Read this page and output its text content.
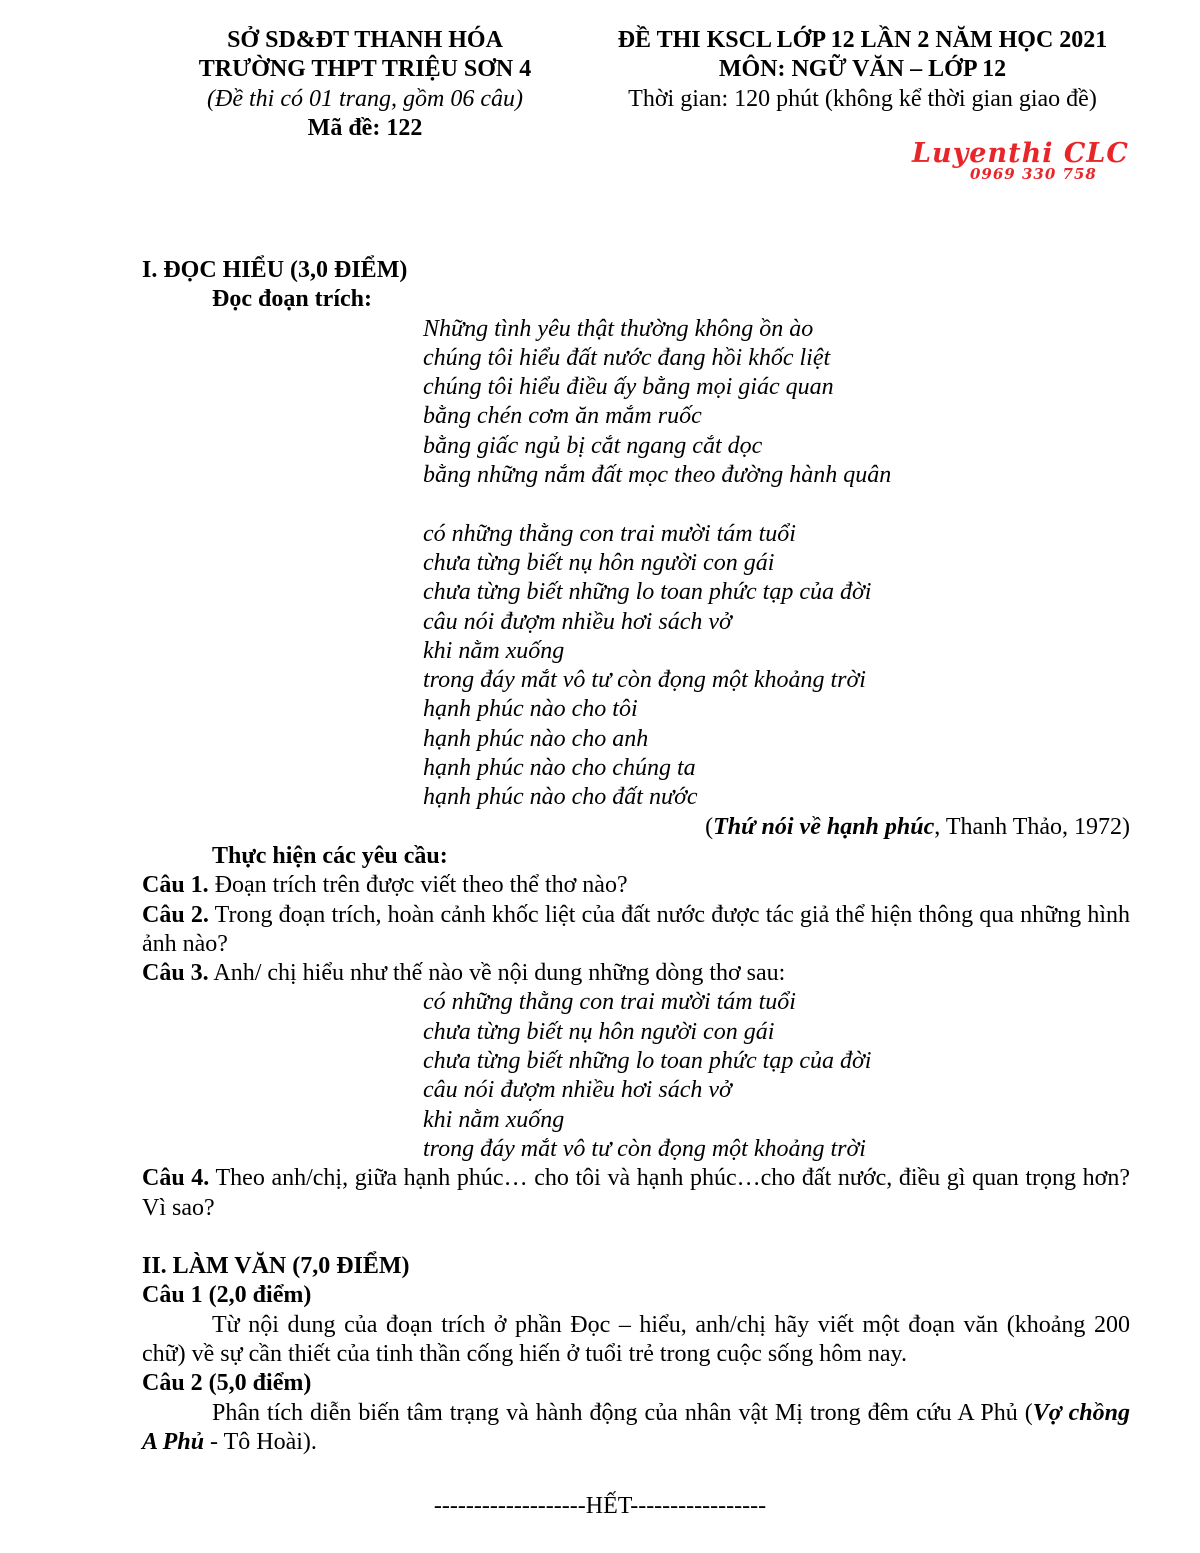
SỞ SD&ĐT THANH HÓA
TRƯỜNG THPT TRIỆU SƠN 4
(Đề thi có 01 trang, gồm 06 câu)
Mã đề: 122
ĐỀ THI KSCL LỚP 12 LẦN 2 NĂM HỌC 2021
MÔN: NGỮ VĂN – LỚP 12
Thời gian: 120 phút (không kể thời gian giao đề)
Luyenthi CLC
0969 330 758
I. ĐỌC HIỂU (3,0 ĐIỂM)
Đọc đoạn trích:
Những tình yêu thật thường không ồn ào
chúng tôi hiểu đất nước đang hồi khốc liệt
chúng tôi hiểu điều ấy bằng mọi giác quan
bằng chén cơm ăn mắm ruốc
bằng giấc ngủ bị cắt ngang cắt dọc
bằng những nắm đất mọc theo đường hành quân
có những thằng con trai mười tám tuổi
chưa từng biết nụ hôn người con gái
chưa từng biết những lo toan phức tạp của đời
câu nói đượm nhiều hơi sách vở
khi nằm xuống
trong đáy mắt vô tư còn đọng một khoảng trời
hạnh phúc nào cho tôi
hạnh phúc nào cho anh
hạnh phúc nào cho chúng ta
hạnh phúc nào cho đất nước
(Thứ nói về hạnh phúc, Thanh Thảo, 1972)
Thực hiện các yêu cầu:
Câu 1. Đoạn trích trên được viết theo thể thơ nào?
Câu 2. Trong đoạn trích, hoàn cảnh khốc liệt của đất nước được tác giả thể hiện thông qua những hình ảnh nào?
Câu 3. Anh/ chị hiểu như thế nào về nội dung những dòng thơ sau:
có những thằng con trai mười tám tuổi
chưa từng biết nụ hôn người con gái
chưa từng biết những lo toan phức tạp của đời
câu nói đượm nhiều hơi sách vở
khi nằm xuống
trong đáy mắt vô tư còn đọng một khoảng trời
Câu 4. Theo anh/chị, giữa hạnh phúc… cho tôi và hạnh phúc…cho đất nước, điều gì quan trọng hơn? Vì sao?
II. LÀM VĂN (7,0 ĐIỂM)
Câu 1 (2,0 điểm)
Từ nội dung của đoạn trích ở phần Đọc – hiểu, anh/chị hãy viết một đoạn văn (khoảng 200 chữ) về sự cần thiết của tinh thần cống hiến ở tuổi trẻ trong cuộc sống hôm nay.
Câu 2 (5,0 điểm)
Phân tích diễn biến tâm trạng và hành động của nhân vật Mị trong đêm cứu A Phủ (Vợ chồng A Phủ - Tô Hoài).
-------------------HẾT-----------------
